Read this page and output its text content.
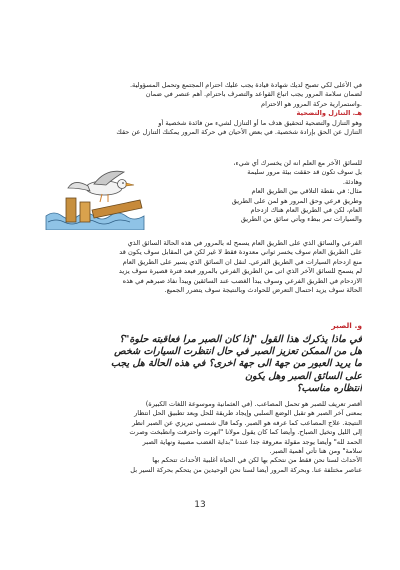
في الأعلى لكي تصبح لديك شهادة قيادة يجب عليك احترام المجتمع وتحمل المسؤولية.
لضمان سلامة المرور يجب اتباع القواعد والتصرف باحترام. أهم عنصر في ضمان
.واستمرارية حركة المرور هو الاحترام
هـ. التنازل والتضحية
وهو التنازل والتضحية لتحقيق هدف ما أو التنازل لشيء من فائدة شخصية أو
التنازل عن الحق بإرادة شخصية. في بعض الأحيان في حركة المرور يمكنك التنازل عن حقك
للسائق الآخر مع العلم انه لن يخسرك أي شيء،
بل سوف تكون قد حققت بيئة مرور سليمة
وهادئة.
مثال: في نقطة التلاقي بين الطريق العام
وطريق فرعي وحق المرور هو لمن على الطريق
العام، لكن في الطريق العام هناك ازدحام
والسيارات تمر ببطء ويأتي سائق من الطريق
الفرعي والسائق الذي على الطريق العام يسمح له بالمرور في هذه الحالة السائق الذي
على الطريق العام سوف يخسر ثواني معدودة فقط لا غير لكن في المقابل سوف يكون قد
منع ازدحام السيارات في الطريق الفرعي. لنقل ان السائق الذي يسير على الطريق العام
لم يسمح للسائق الآخر الذي اتى من الطريق الفرعي بالمرور فبعد فترة قصيرة سوف يزيد
الازدحام في الطريق الفرعي وسوف يبدأ الغضب عند السائقين ويبدأ نفاذ صبرهم في هذه
الحالة سوف يزيد احتمال التعرض للحوادث وبالنتيجة سوف يتضرر الجميع.
و. الصبر
في ماذا يذكرك هذا القول "إذا كان الصبر مرا فعاقبته حلوة"؟
هل من الممكن تعزيز الصبر في حال انتظرت السيارات شخص
ما يريد العبور من جهة الى جهة اخرى؟ في هذه الحالة هل يجب
على السائق الصبر وهل يكون
انتظاره مناسب؟
أقصر تعريف للصبر هو تحمل المصاعب. (في العثمانية وموسوعة اللغات الكبيرة)
بمعنى آخر الصبر هو تقبل الوضع السلبي وإيجاد طريقة للحل وبعد تطبيق الحل انتظار
النتيجة. علاج المصاعب كما عرفه هو الصبر. وكما قال شمسي تبريزي عن الصبر انظر
إلى الليل وتخيل الصباح. وأيضا كما كان يقول مولانا "انهرت واحترقت وانطبخت وصرت
الحمد لله" وأيضا يوجد مقولة معروفة جدا عندنا "بداية الغضب مصيبة ونهاية الصبر
سلامة" ومن هنا تأتي أهمية الصبر.
الأحداث لسنا نحن فقط من نتحكم بها لكن في الحياة أغلبية الأحداث تتحكم بها
عناصر مختلفة عنا. وبحركة المرور أيضا لسنا نحن الوحيدين من يتحكم بحركة السير بل
13
